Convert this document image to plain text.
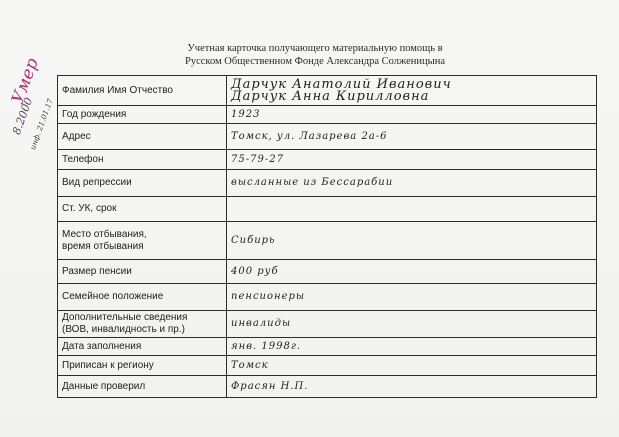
Учетная карточка получающего материальную помощь в
Русском Общественном Фонде Александра Солженицына
Умер
8.2000
инф. 21.01.17
Фамилия Имя Отчество	Дарчук Анатолий Иванович
Дарчук Анна Кирилловна

Год рождения	1923

Адрес	Томск, ул. Лазарева 2а-6

Телефон	75-79-27

Вид репрессии	высланные из Бессарабии

Ст. УК, срок	

Место отбывания,
время отбывания	Сибирь

Размер пенсии	400 руб

Семейное положение	пенсионеры

Дополнительные сведения
(ВОВ, инвалидность и пр.)	инвалиды

Дата заполнения	янв. 1998г.

Приписан к региону	Томск

Данные проверил	Фрасян Н.П.
